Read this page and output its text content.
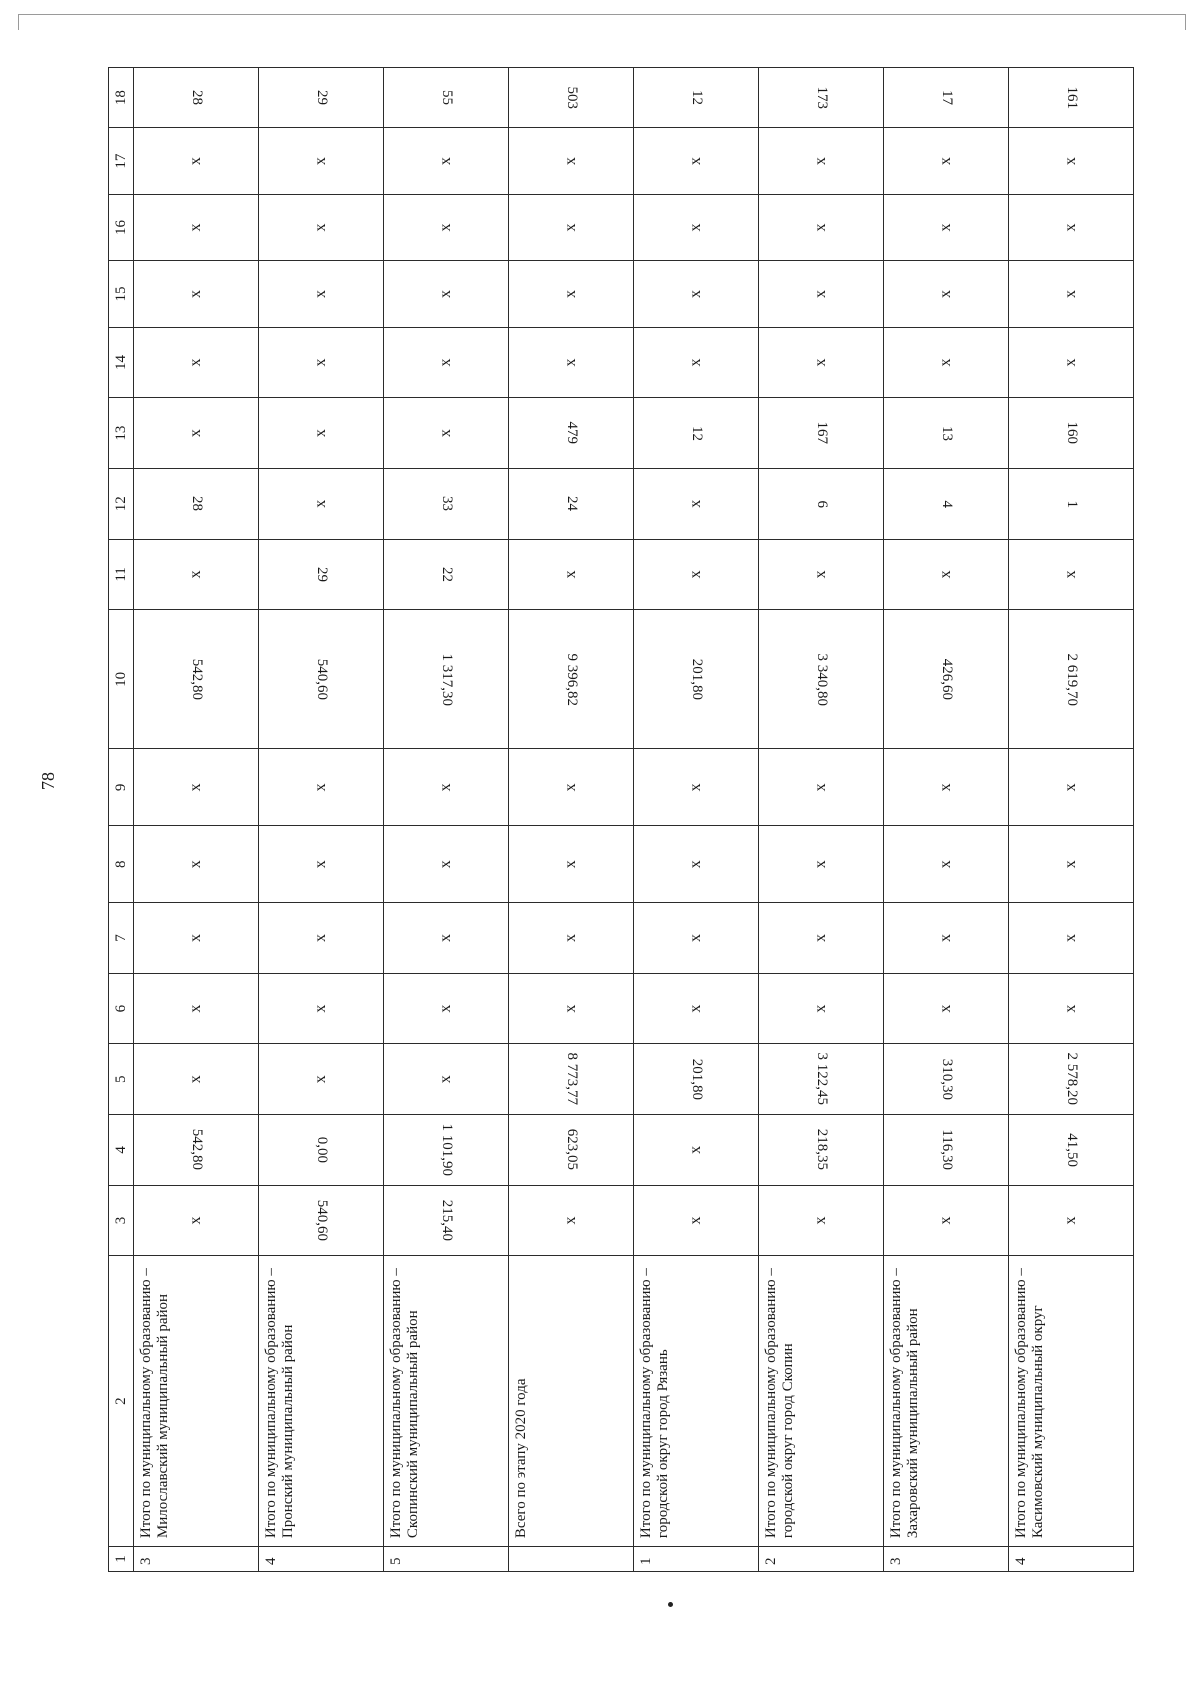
78
1	2	3	4	5	6	7	8	9	10	11	12	13	14	15	16	17	18
3	Итого по муниципальному образованию – Милославский муниципальный район	x	542,80	x	x	x	x	x	542,80	x	28	x	x	x	x	x	28
4	Итого по муниципальному образованию – Пронский муниципальный район	540,60	0,00	x	x	x	x	x	540,60	29	x	x	x	x	x	x	29
5	Итого по муниципальному образованию – Скопинский муниципальный район	215,40	1 101,90	x	x	x	x	x	1 317,30	22	33	x	x	x	x	x	55
	Всего по этапу 2020 года	x	623,05	8 773,77	x	x	x	x	9 396,82	x	24	479	x	x	x	x	503
1	Итого по муниципальному образованию – городской округ город Рязань	x	x	201,80	x	x	x	x	201,80	x	x	12	x	x	x	x	12
2	Итого по муниципальному образованию – городской округ город Скопин	x	218,35	3 122,45	x	x	x	x	3 340,80	x	6	167	x	x	x	x	173
3	Итого по муниципальному образованию – Захаровский муниципальный район	x	116,30	310,30	x	x	x	x	426,60	x	4	13	x	x	x	x	17
4	Итого по муниципальному образованию – Касимовский муниципальный округ	x	41,50	2 578,20	x	x	x	x	2 619,70	x	1	160	x	x	x	x	161
